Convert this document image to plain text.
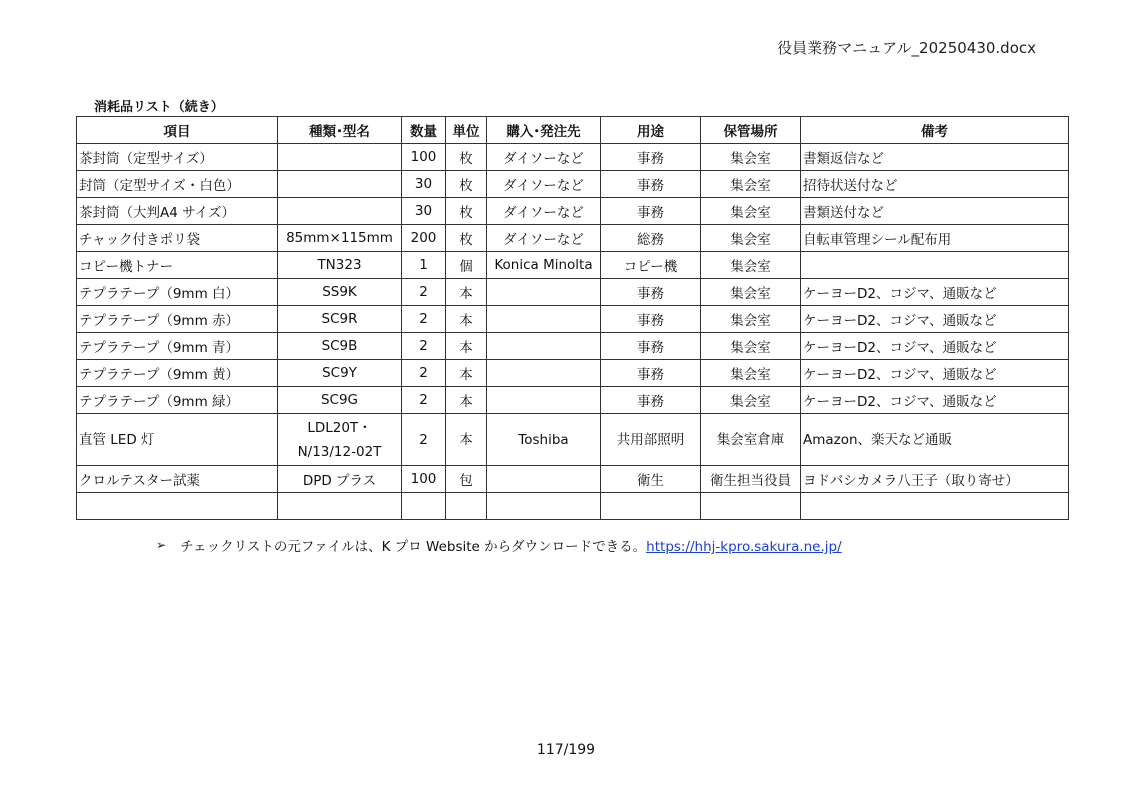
役員業務マニュアル_20250430.docx
消耗品リスト（続き）
項目	種類･型名	数量	単位	購入･発注先	用途	保管場所	備考
茶封筒（定型サイズ）		100	枚	ダイソーなど	事務	集会室	書類返信など
封筒（定型サイズ・白色）		30	枚	ダイソーなど	事務	集会室	招待状送付など
茶封筒（大判A4 サイズ）		30	枚	ダイソーなど	事務	集会室	書類送付など
チャック付きポリ袋	85mm×115mm	200	枚	ダイソーなど	総務	集会室	自転車管理シール配布用
コピー機トナー	TN323	1	個	Konica Minolta	コピー機	集会室	
テプラテープ（9mm 白）	SS9K	2	本		事務	集会室	ケーヨーD2、コジマ、通販など
テプラテープ（9mm 赤）	SC9R	2	本		事務	集会室	ケーヨーD2、コジマ、通販など
テプラテープ（9mm 青）	SC9B	2	本		事務	集会室	ケーヨーD2、コジマ、通販など
テプラテープ（9mm 黄）	SC9Y	2	本		事務	集会室	ケーヨーD2、コジマ、通販など
テプラテープ（9mm 緑）	SC9G	2	本		事務	集会室	ケーヨーD2、コジマ、通販など
直管 LED 灯	LDL20T・N/13/12-02T	2	本	Toshiba	共用部照明	集会室倉庫	Amazon、楽天など通販
クロルテスター試薬	DPD プラス	100	包		衛生	衛生担当役員	ヨドバシカメラ八王子（取り寄せ）

➢ チェックリストの元ファイルは、K プロ Website からダウンロードできる。https://hhj-kpro.sakura.ne.jp/
117/199
